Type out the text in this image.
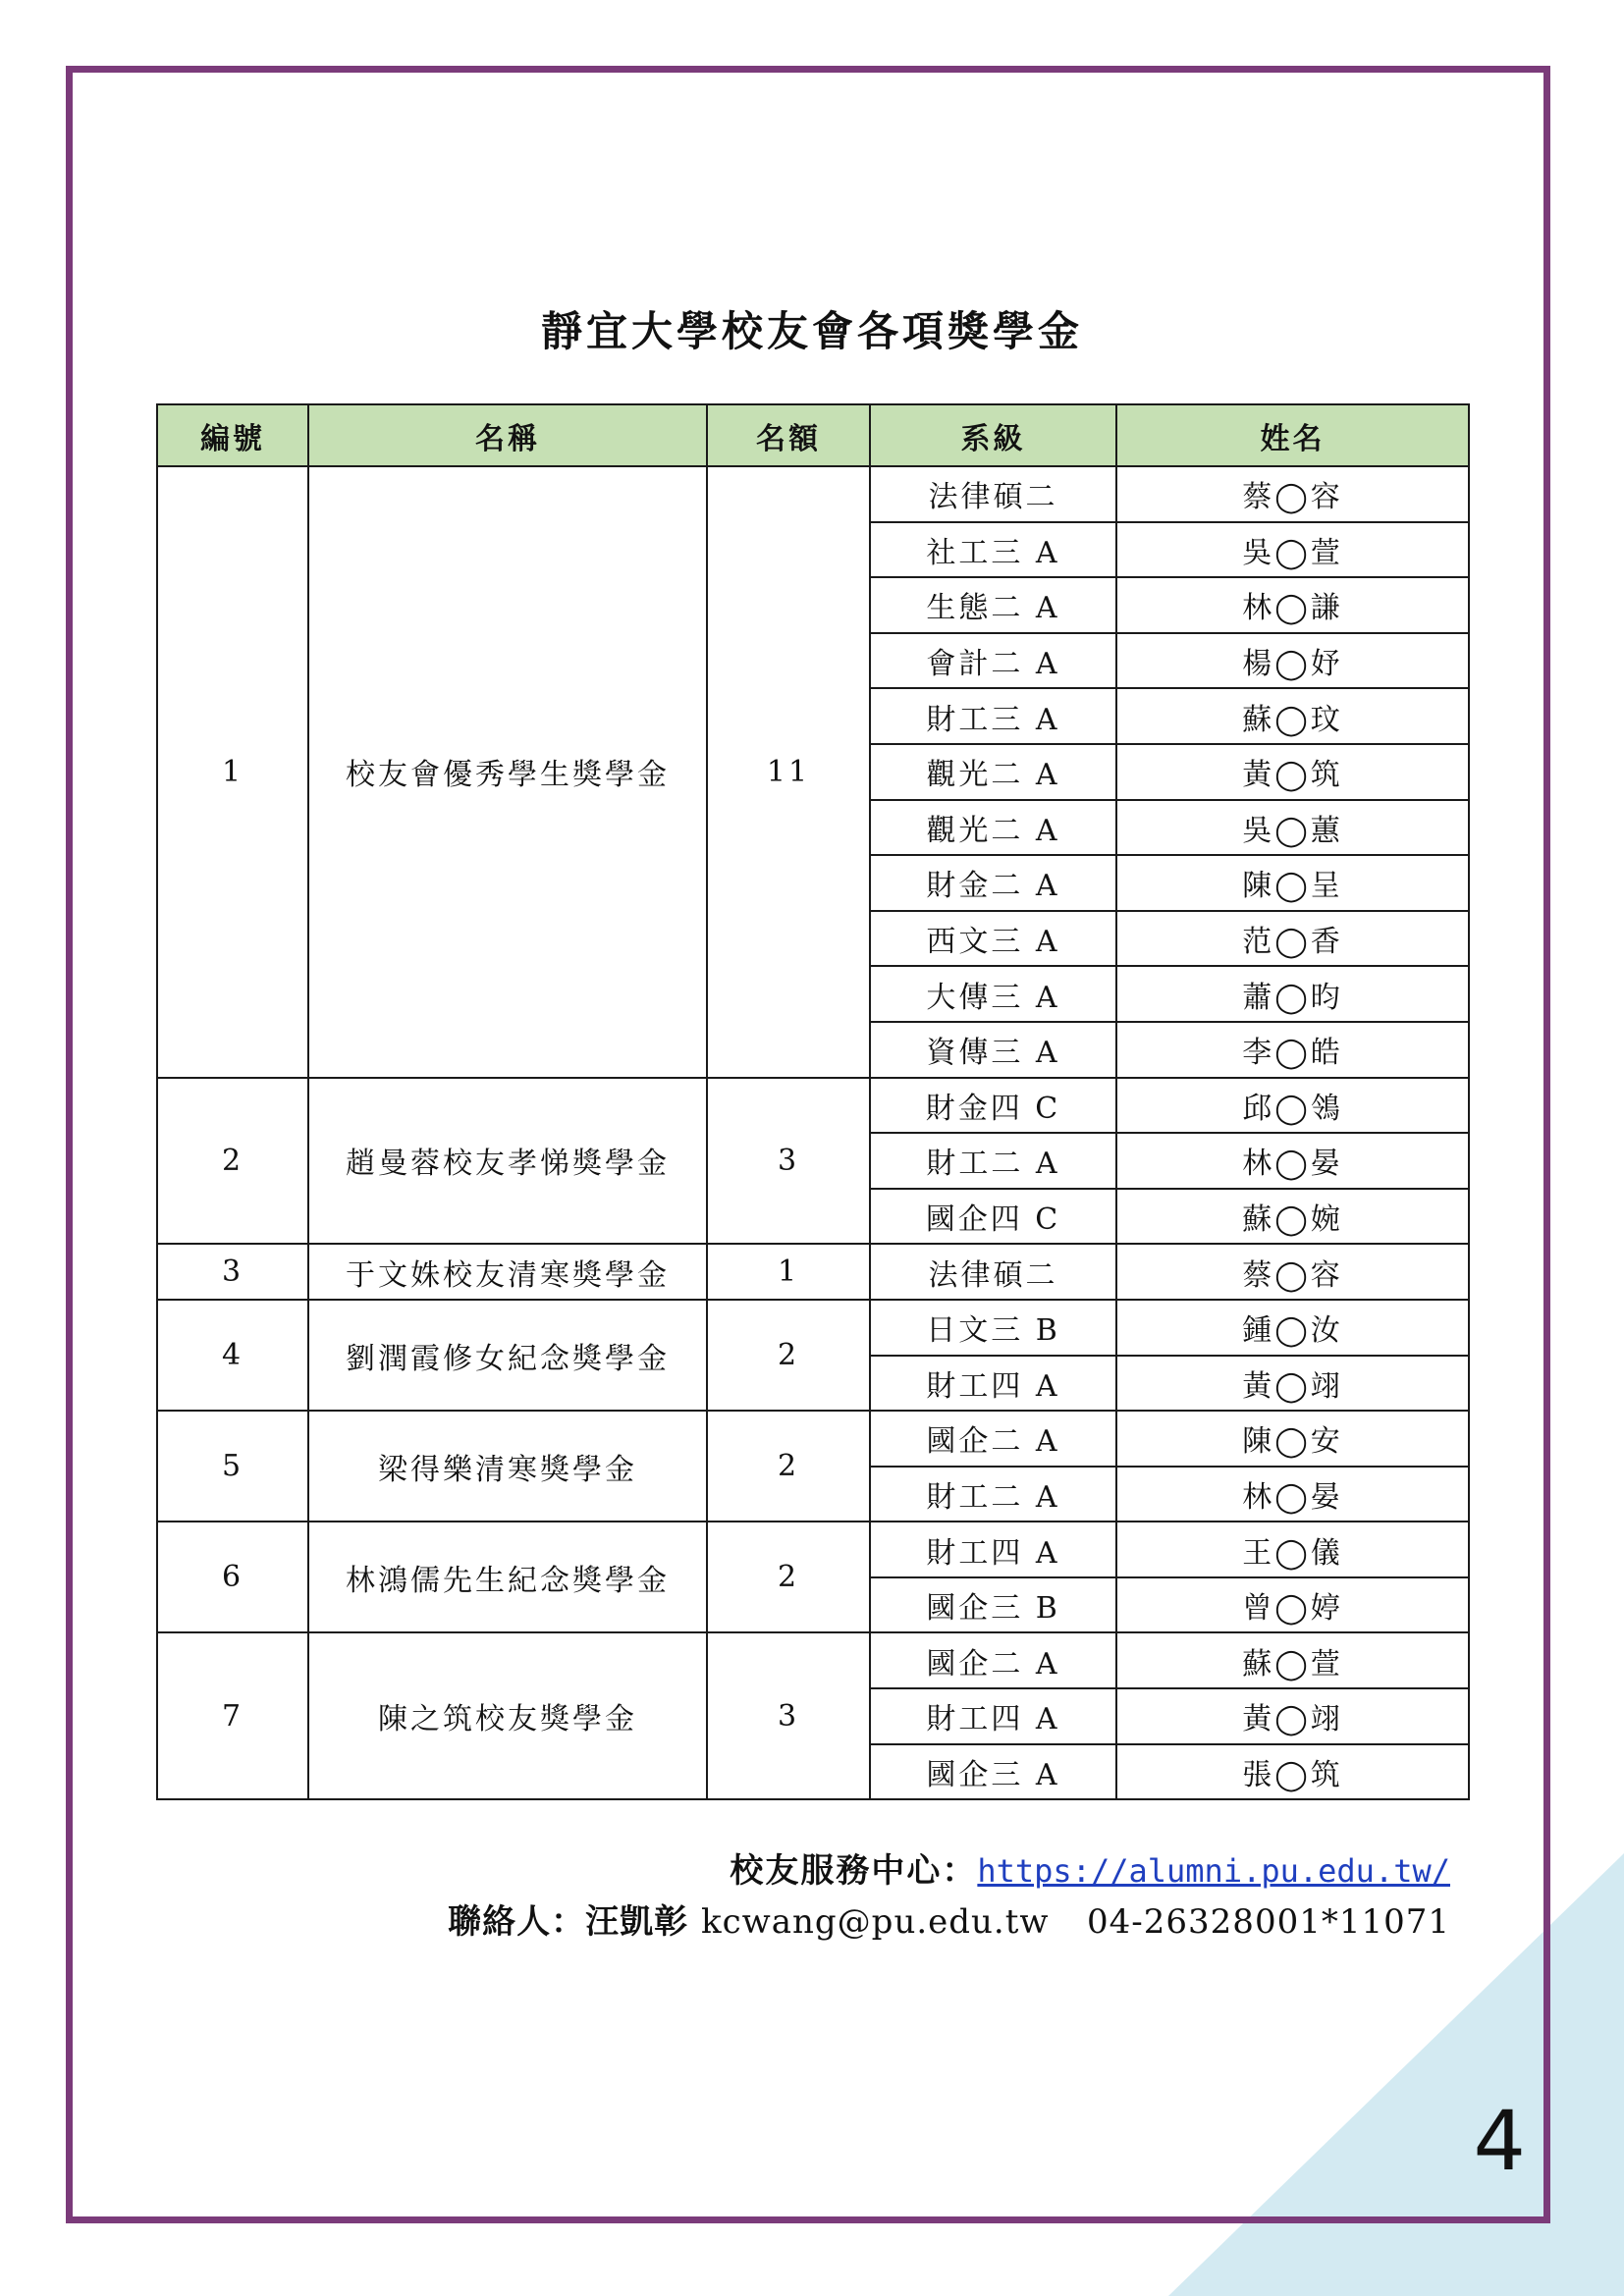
靜宜大學校友會各項獎學金
編號	名稱	名額	系級	姓名
1	校友會優秀學生獎學金	11	法律碩二	蔡◯容
			社工三 A	吳◯萱
			生態二 A	林◯謙
			會計二 A	楊◯妤
			財工三 A	蘇◯玟
			觀光二 A	黃◯筑
			觀光二 A	吳◯蕙
			財金二 A	陳◯呈
			西文三 A	范◯香
			大傳三 A	蕭◯昀
			資傳三 A	李◯皓
2	趙曼蓉校友孝悌獎學金	3	財金四 C	邱◯鴒
			財工二 A	林◯晏
			國企四 C	蘇◯婉
3	于文姝校友清寒獎學金	1	法律碩二	蔡◯容
4	劉潤霞修女紀念獎學金	2	日文三 B	鍾◯汝
			財工四 A	黃◯翊
5	梁得樂清寒獎學金	2	國企二 A	陳◯安
			財工二 A	林◯晏
6	林鴻儒先生紀念獎學金	2	財工四 A	王◯儀
			國企三 B	曾◯婷
7	陳之筑校友獎學金	3	國企二 A	蘇◯萱
			財工四 A	黃◯翊
			國企三 A	張◯筑
校友服務中心：https://alumni.pu.edu.tw/
聯絡人：汪凱彰 kcwang@pu.edu.tw 04-26328001*11071
4
